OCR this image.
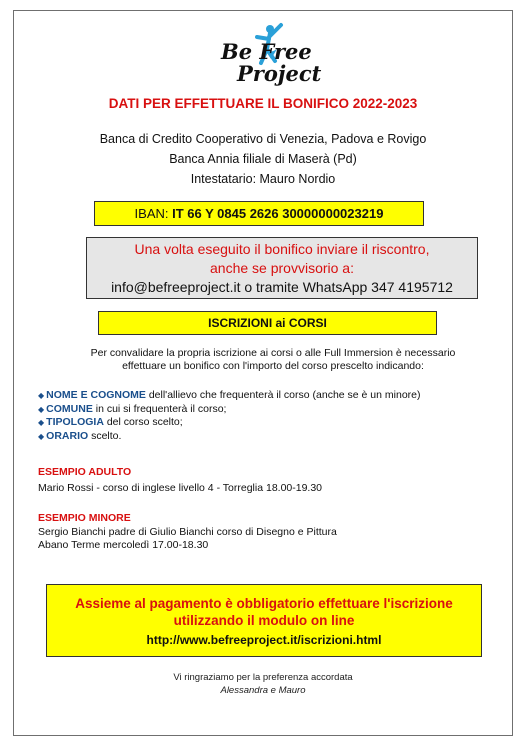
Be Free
Project
DATI PER EFFETTUARE IL BONIFICO 2022-2023
Banca di Credito Cooperativo di Venezia, Padova e Rovigo
Banca Annia filiale di Maserà (Pd)
Intestatario: Mauro Nordio
IBAN: IT 66 Y 0845 2626 30000000023219
Una volta eseguito il bonifico inviare il riscontro,
anche se provvisorio a:
info@befreeproject.it o tramite WhatsApp 347 4195712
ISCRIZIONI ai CORSI
Per convalidare la propria iscrizione ai corsi o alle Full Immersion è necessario
effettuare un bonifico con l'importo del corso prescelto indicando:
◆ NOME E COGNOME dell'allievo che frequenterà il corso (anche se è un minore)
◆ COMUNE in cui si frequenterà il corso;
◆ TIPOLOGIA del corso scelto;
◆ ORARIO scelto.
ESEMPIO ADULTO
Mario Rossi - corso di inglese livello 4 - Torreglia 18.00-19.30
ESEMPIO MINORE
Sergio Bianchi padre di Giulio Bianchi corso di Disegno e Pittura
Abano Terme mercoledì 17.00-18.30
Assieme al pagamento è obbligatorio effettuare l'iscrizione
utilizzando il modulo on line
http://www.befreeproject.it/iscrizioni.html
Vi ringraziamo per la preferenza accordata
Alessandra e Mauro
